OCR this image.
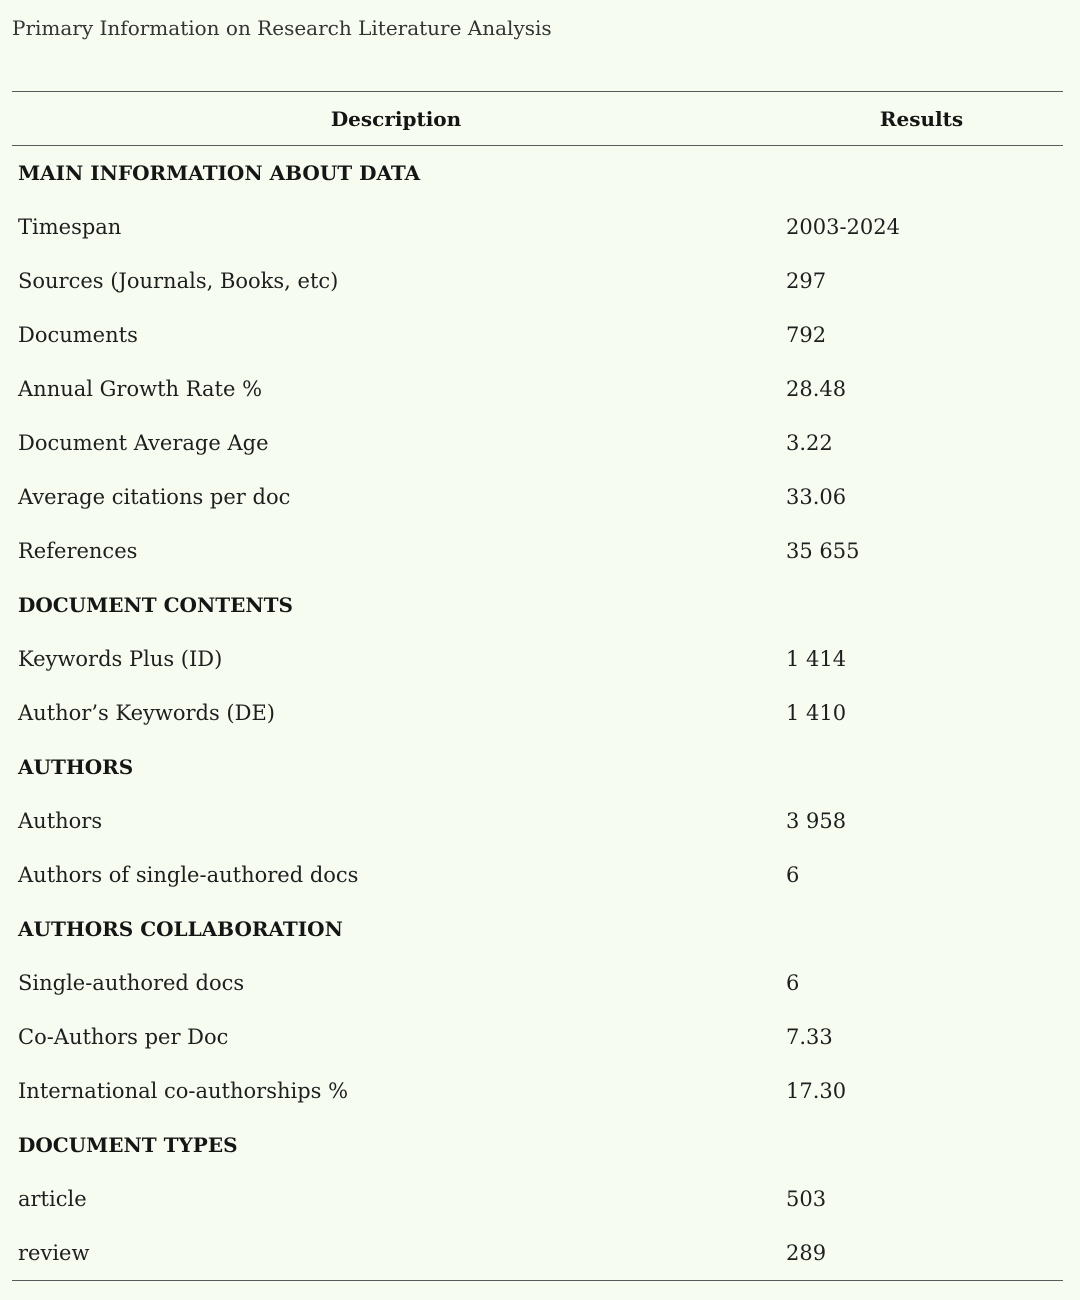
Primary Information on Research Literature Analysis
Description	Results
MAIN INFORMATION ABOUT DATA	
Timespan	2003-2024
Sources (Journals, Books, etc)	297
Documents	792
Annual Growth Rate %	28.48
Document Average Age	3.22
Average citations per doc	33.06
References	35 655
DOCUMENT CONTENTS	
Keywords Plus (ID)	1 414
Author’s Keywords (DE)	1 410
AUTHORS	
Authors	3 958
Authors of single-authored docs	6
AUTHORS COLLABORATION	
Single-authored docs	6
Co-Authors per Doc	7.33
International co-authorships %	17.30
DOCUMENT TYPES	
article	503
review	289
